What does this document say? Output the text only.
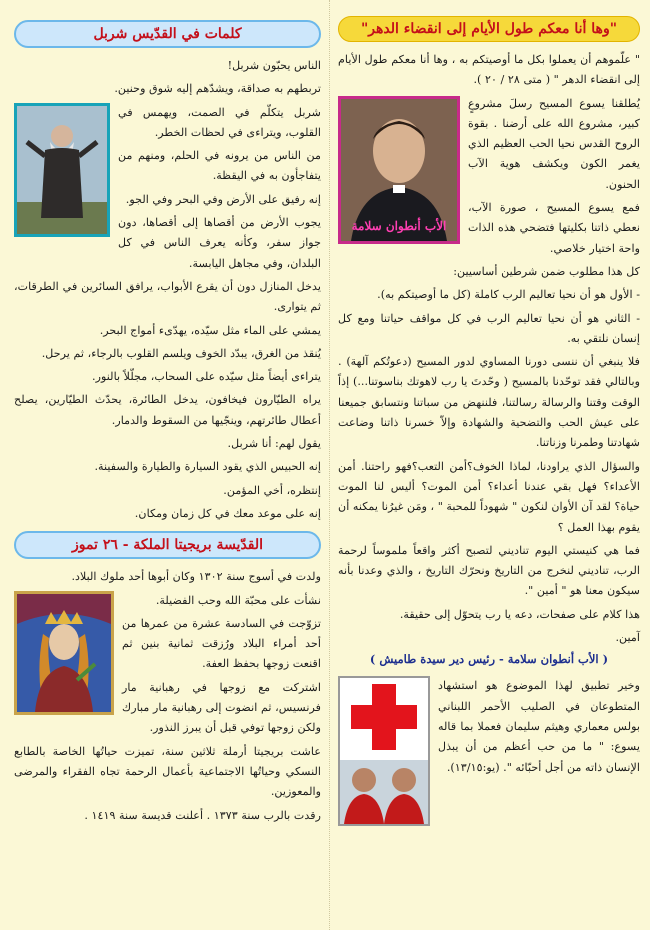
"وها أنا معكم طول الأيام إلى انقضاء الدهر"

" علّموهم أن يعملوا بكل ما أوصيتكم به ، وها أنا معكم طول الأيام إلى انقضاء الدهر " ( متى ٢٨ / ٢٠ ).

الأب أنطوان سلامة

يُطلقنا يسوع المسيح رسلَ مشروعٍ كبير، مشروع الله على أرضنا . بقوة الروح القدس نحيا الحب العظيم الذي يغمر الكون ويكشف هوية الآب الحنون.

فمع يسوع المسيح ، صورة الآب، نعطي ذاتنا بكليتها فتضحي هذه الذات واحة اختيار خلاصي.

كل هذا مطلوب ضمن شرطين أساسيين:

- الأول هو أن نحيا تعاليم الرب كاملة (كل ما أوصيتكم به).

- الثاني هو أن نحيا تعاليم الرب في كل مواقف حياتنا ومع كل إنسان نلتقي به.

فلا ينبغي أن ننسى دورنا المساوي لدور المسيح (دعوتُكم آلهة) . وبالتالي فقد توحّدنا بالمسيح ( وحّدتَ يا رب لاهوتك بناسوتنا...) إذاً الوقت وقتنا والرسالة رسالتنا، فلننهض من سباتنا ونتسابق جميعنا على عيش الحب والتضحية والشهادة وإلاّ خسرنا ذاتنا وضاعت شهادتنا وطمرنا وزناتنا.

والسؤال الذي يراودنا، لماذا الخوف؟أمن التعب؟فهو راحتنا. أمن الأعداء؟ فهل بقي عندنا أعداء؟ أمن الموت؟ أليس لنا الموت حياة؟ لقد آن الأوان لنكون " شهوداً للمحبة " ، ومَن غيرُنا يمكنه أن يقوم بهذا العمل ؟

فما هي كنيستي اليوم تناديني لتصبح أكثر واقعاً ملموساً لرحمة الرب، تناديني لنخرج من التاريخ ونحرّك التاريخ ، والذي وعدنا بأنه سيكون معنا هو " أمين ".

هذا كلام على صفحات، دعه يا رب يتحوّل إلى حقيقة.

آمين.

( الأب أنطوان سلامة - رئيس دير سيدة طاميش )

وخير تطبيق لهذا الموضوع هو استشهاد المتطوعان في الصليب الأحمر اللبناني بولس معماري وهيثم سليمان فعملا بما قاله يسوع: " ما من حب أعظم من أن يبذل الإنسان ذاته من أجل أحبّائه ". (يو:١٣/١٥).

كلمات في القدّيس شربل

الناس يحبّون شربل!

تربطهم به صداقة، ويشدّهم إليه شوق وحنين.

شربل يتكلّم في الصمت، ويهمس في القلوب، ويتراءى في لحظات الخطر.

من الناس من يرونه في الحلم، ومنهم من يتفاجأون به في اليقظة.

إنه رفيق على الأرض وفي البحر وفي الجو.

يجوب الأرض من أقصاها إلى أقصاها، دون جواز سفر، وكأنه يعرف الناس في كل البلدان، وفي مجاهل اليابسة.

يدخل المنازل دون أن يقرع الأبواب، يرافق السائرين في الطرقات، ثم يتوارى.

يمشي على الماء مثل سيّده، يهدّىء أمواج البحر.

يُنقذ من الغرق، يبدّد الخوف ويلسم القلوب بالرجاء، ثم يرحل.

يتراءى أيضاً مثل سيّده على السحاب، مجلّلاً بالنور.

يراه الطيّارون فيخافون، يدخل الطائرة، يحدّث الطيّارين، يصلح أعطال طائرتهم، وينجّيها من السقوط والدمار.

يقول لهم: أنا شربل.

إنه الحبيس الذي يقود السيارة والطيارة والسفينة.

إنتظره، أخي المؤمن.

إنه على موعد معك في كل زمان ومكان.

القدّيسة بريجيتا الملكة - ٢٦ تموز

ولدت في أسوج سنة ١٣٠٢ وكان أبوها أحد ملوك البلاد.

نشأت على محبّة الله وحب الفضيلة.

تزوّجت في السادسة عشرة من عمرها من أحد أمراء البلاد ورُزقت ثمانية بنين ثم اقنعت زوجها بحفظ العفة.

اشتركت مع زوجها في رهبانية مار فرنسيس، ثم انضوت إلى رهبانية مار مبارك ولكن زوجها توفي قبل أن يبرز النذور.

عاشت بريجيتا أرملة ثلاثين سنة، تميزت حياتُها الخاصة بالطابع النسكي وحياتُها الاجتماعية بأعمال الرحمة تجاه الفقراء والمرضى والمعوزين.

رقدت بالرب سنة ١٣٧٣ . أعلنت قديسة سنة ١٤١٩ .
